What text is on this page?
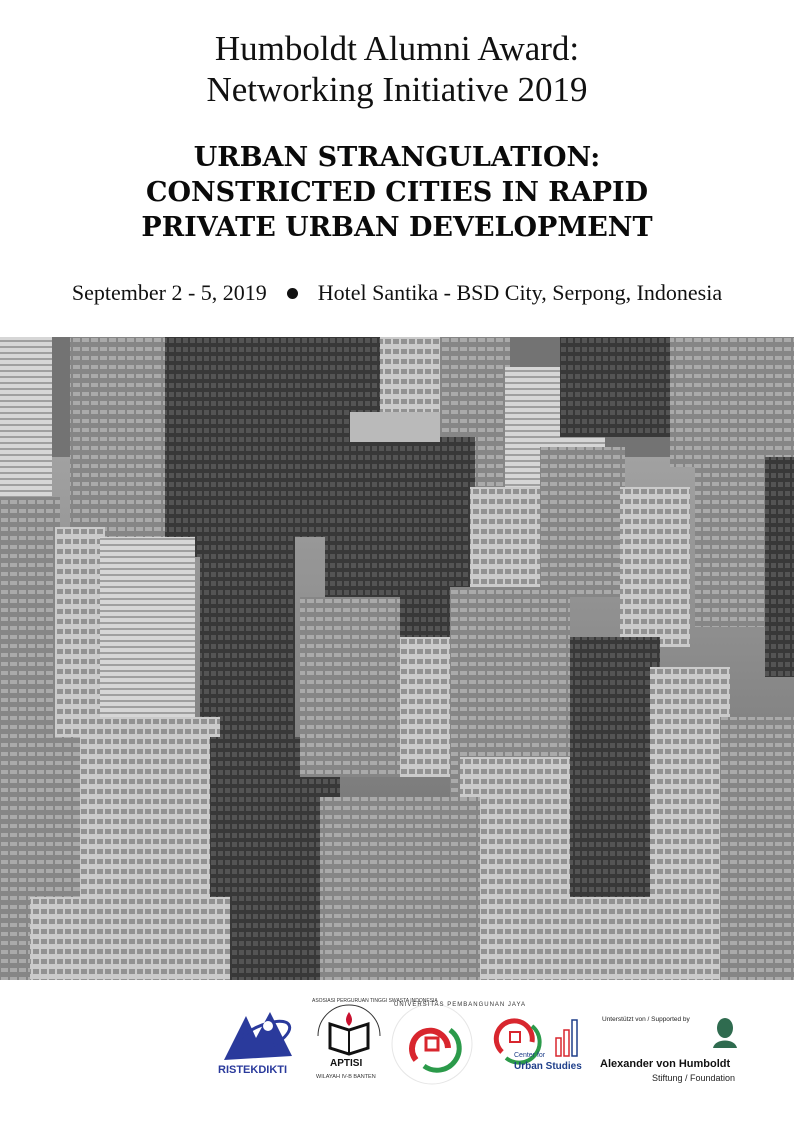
Humboldt Alumni Award:
Networking Initiative 2019
URBAN STRANGULATION:
CONSTRICTED CITIES IN RAPID
PRIVATE URBAN DEVELOPMENT
September 2 - 5, 2019 Hotel Santika - BSD City, Serpong, Indonesia
RISTEKDIKTI
ASOSIASI PERGURUAN TINGGI SWASTA INDONESIA
APTISI
WILAYAH IV-B BANTEN
UNIVERSITAS PEMBANGUNAN JAYA
Center for
Urban Studies
Unterstützt von / Supported by
Alexander von Humboldt
Stiftung / Foundation
